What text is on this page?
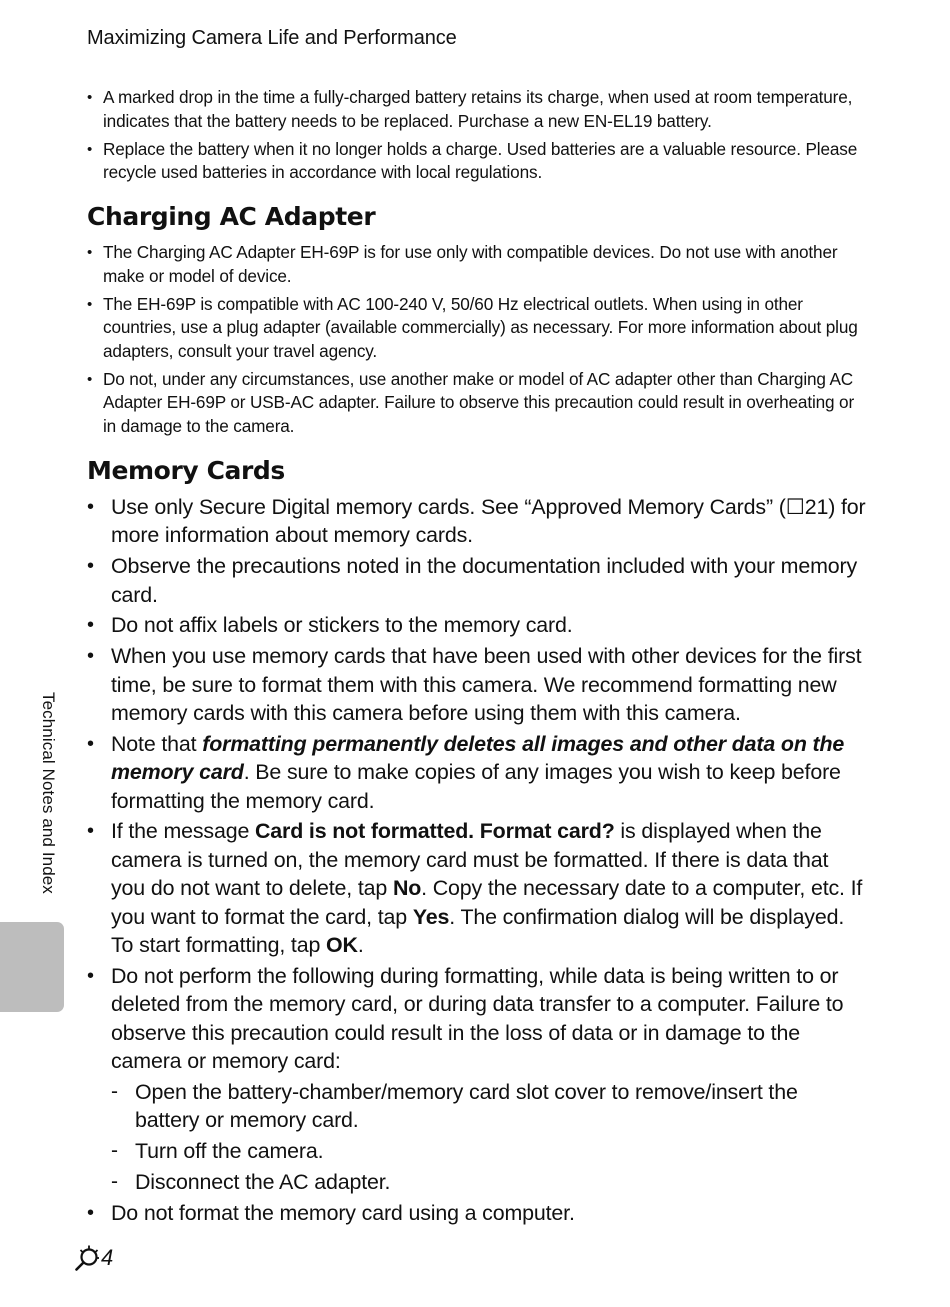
Maximizing Camera Life and Performance
• A marked drop in the time a fully-charged battery retains its charge, when used at room temperature, indicates that the battery needs to be replaced. Purchase a new EN-EL19 battery.
• Replace the battery when it no longer holds a charge. Used batteries are a valuable resource. Please recycle used batteries in accordance with local regulations.
Charging AC Adapter
• The Charging AC Adapter EH-69P is for use only with compatible devices. Do not use with another make or model of device.
• The EH-69P is compatible with AC 100-240 V, 50/60 Hz electrical outlets. When using in other countries, use a plug adapter (available commercially) as necessary. For more information about plug adapters, consult your travel agency.
• Do not, under any circumstances, use another make or model of AC adapter other than Charging AC Adapter EH-69P or USB-AC adapter. Failure to observe this precaution could result in overheating or in damage to the camera.
Memory Cards
• Use only Secure Digital memory cards. See “Approved Memory Cards” (☐21) for more information about memory cards.
• Observe the precautions noted in the documentation included with your memory card.
• Do not affix labels or stickers to the memory card.
• When you use memory cards that have been used with other devices for the first time, be sure to format them with this camera. We recommend formatting new memory cards with this camera before using them with this camera.
• Note that formatting permanently deletes all images and other data on the memory card. Be sure to make copies of any images you wish to keep before formatting the memory card.
• If the message Card is not formatted. Format card? is displayed when the camera is turned on, the memory card must be formatted. If there is data that you do not want to delete, tap No. Copy the necessary date to a computer, etc. If you want to format the card, tap Yes. The confirmation dialog will be displayed. To start formatting, tap OK.
• Do not perform the following during formatting, while data is being written to or deleted from the memory card, or during data transfer to a computer. Failure to observe this precaution could result in the loss of data or in damage to the camera or memory card:
- Open the battery-chamber/memory card slot cover to remove/insert the battery or memory card.
- Turn off the camera.
- Disconnect the AC adapter.
• Do not format the memory card using a computer.
Technical Notes and Index
4
